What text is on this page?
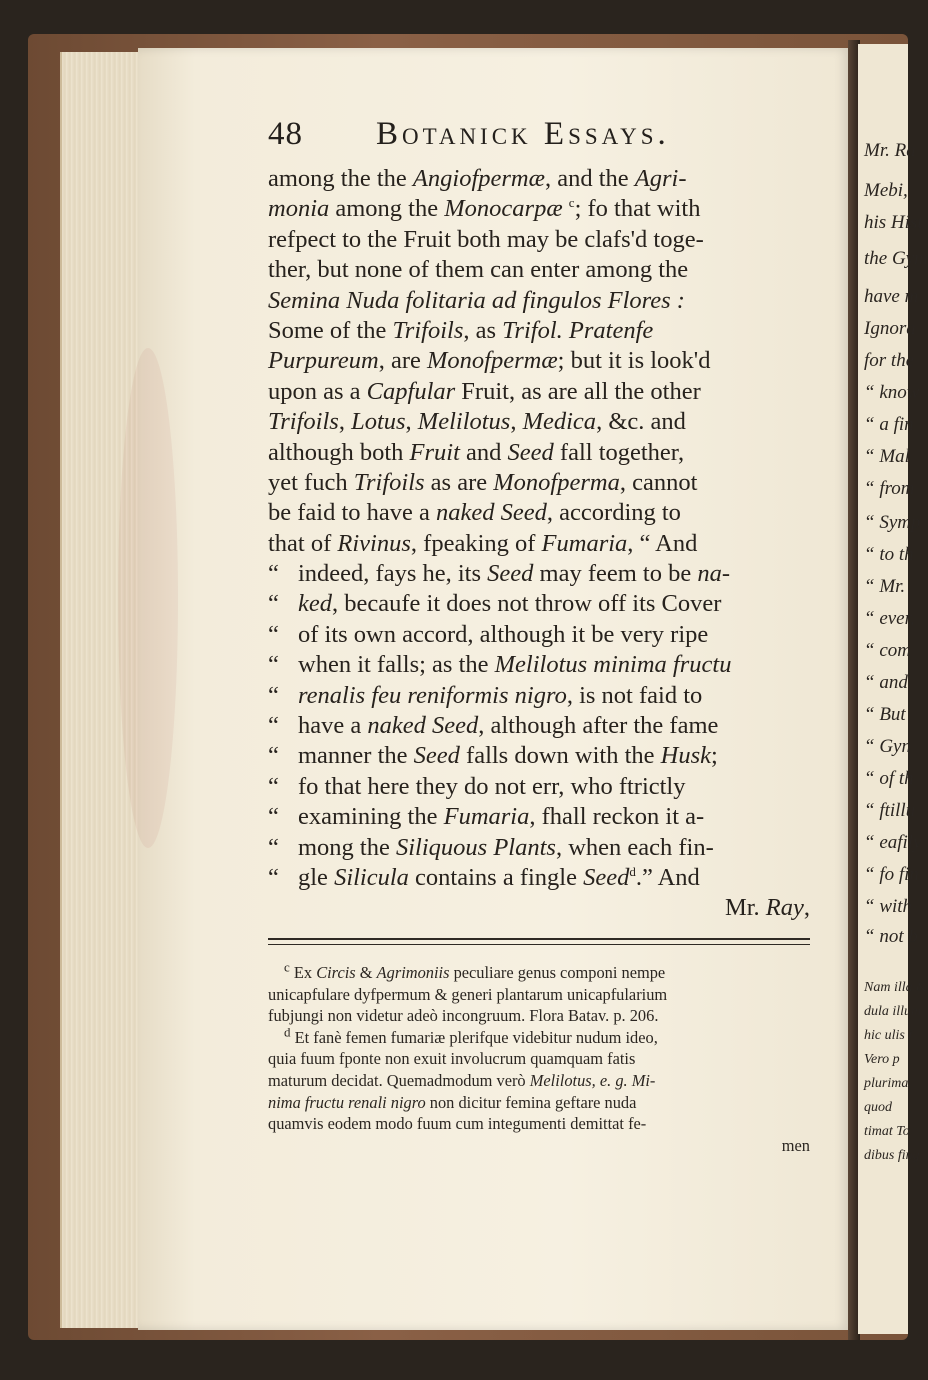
Mr. Ra
Mebi,
his Hist
the Gym
have m
Ignora
for the
“ know
“ a fin
“ Mal
“ from
“ Symp
“ to th
“ Mr.
“ ever,
“ com
“ and
“ But
“ Gyn
“ of th
“ ftillu
“ eafily
“ fo fin
“ with
“ not b
Nam illa &
dula illum
hic ulis f
Vero p
plurima
quod
timat To
dibus fing
48 Botanick Essays.
among the the Angiofpermæ, and the Agri-
monia among the Monocarpæ $^c$; fo that with
refpect to the Fruit both may be clafs'd toge-
ther, but none of them can enter among the
Semina Nuda folitaria ad fingulos Flores :
Some of the Trifoils, as Trifol. Pratenfe
Purpureum, are Monofpermæ; but it is look'd
upon as a Capfular Fruit, as are all the other
Trifoils, Lotus, Melilotus, Medica, &c. and
although both Fruit and Seed fall together,
yet fuch Trifoils as are Monofperma, cannot
be faid to have a naked Seed, according to
that of Rivinus, fpeaking of Fumaria, “ And
“ indeed, fays he, its Seed may feem to be na-
“ ked, becaufe it does not throw off its Cover
“ of its own accord, although it be very ripe
“ when it falls; as the Melilotus minima fructu
“ renalis feu reniformis nigro, is not faid to
“ have a naked Seed, although after the fame
“ manner the Seed falls down with the Husk;
“ fo that here they do not err, who ftrictly
“ examining the Fumaria, fhall reckon it a-
“ mong the Siliquous Plants, when each fin-
“ gle Silicula contains a fingle Seed$^d$.” And
Mr. Ray,
$^c$ Ex Circis & Agrimoniis peculiare genus componi nempe
unicapfulare dyfpermum & generi plantarum unicapfularium
fubjungi non videtur adeò incongruum. Flora Batav. p. 206.
$^d$ Et fanè femen fumariæ plerifque videbitur nudum ideo,
quia fuum fponte non exuit involucrum quamquam fatis
maturum decidat. Quemadmodum verò Melilotus, e. g. Mi-
nima fructu renali nigro non dicitur femina geftare nuda
quamvis eodem modo fuum cum integumenti demittat fe-
men
